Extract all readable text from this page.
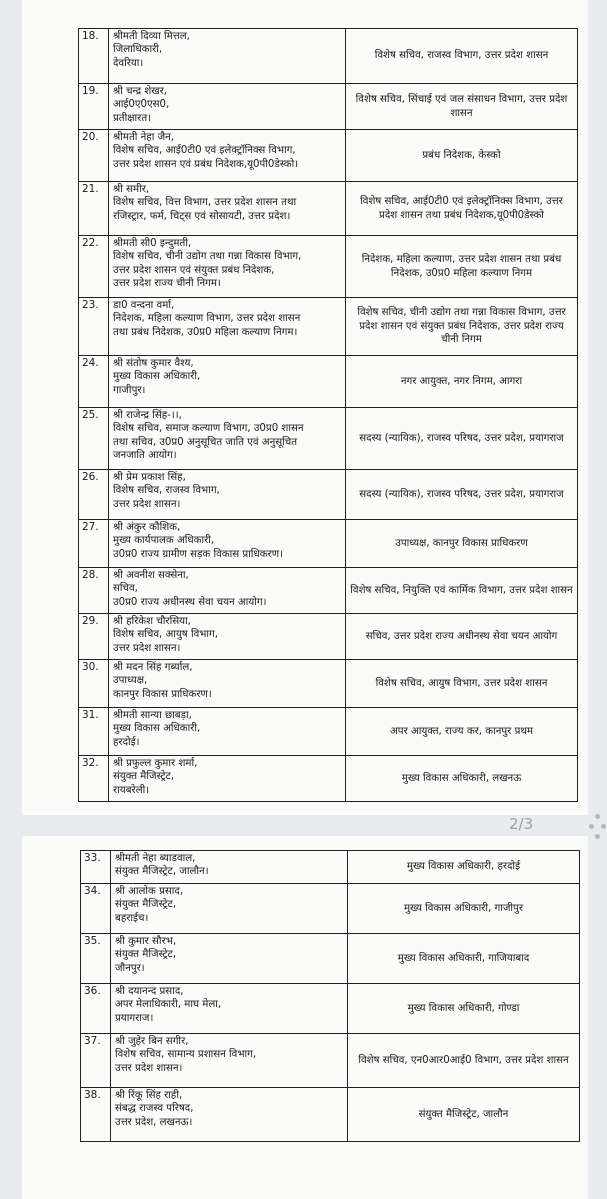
18.	श्रीमती दिव्या मित्तल,
जिलाधिकारी,
देवरिया।	विशेष सचिव, राजस्व विभाग, उत्तर प्रदेश शासन
19.	श्री चन्द्र शेखर,
आई0ए0एस0,
प्रतीक्षारत।	विशेष सचिव, सिंचाई एवं जल संसाधन विभाग, उत्तर प्रदेश शासन
20.	श्रीमती नेहा जैन,
विशेष सचिव, आई0टी0 एवं इलेक्ट्रॉनिक्स विभाग,
उत्तर प्रदेश शासन एवं प्रबंध निदेशक,यू0पी0डेस्को।	प्रबंध निदेशक, केस्को
21.	श्री समीर,
विशेष सचिव, वित्त विभाग, उत्तर प्रदेश शासन तथा
रजिस्ट्रार, फर्म, चिट्स एवं सोसायटी, उत्तर प्रदेश।	विशेष सचिव, आई0टी0 एवं इलेक्ट्रॉनिक्स विभाग, उत्तर प्रदेश शासन तथा प्रबंध निदेशक,यू0पी0डेस्को
22.	श्रीमती सी0 इन्दुमती,
विशेष सचिव, चीनी उद्योग तथा गन्ना विकास विभाग,
उत्तर प्रदेश शासन एवं संयुक्त प्रबंध निदेशक,
उत्तर प्रदेश राज्य चीनी निगम।	निदेशक, महिला कल्याण, उत्तर प्रदेश शासन तथा प्रबंध निदेशक, उ0प्र0 महिला कल्याण निगम
23.	डा0 वन्दना वर्मा,
निदेशक, महिला कल्याण विभाग, उत्तर प्रदेश शासन
तथा प्रबंध निदेशक, उ0प्र0 महिला कल्याण निगम।	विशेष सचिव, चीनी उद्योग तथा गन्ना विकास विभाग, उत्तर प्रदेश शासन एवं संयुक्त प्रबंध निदेशक, उत्तर प्रदेश राज्य चीनी निगम
24.	श्री संतोष कुमार वैश्य,
मुख्य विकास अधिकारी,
गाजीपुर।	नगर आयुक्त, नगर निगम, आगरा
25.	श्री राजेन्द्र सिंह-।।,
विशेष सचिव, समाज कल्याण विभाग, उ0प्र0 शासन
तथा सचिव, उ0प्र0 अनुसूचित जाति एवं अनुसूचित
जनजाति आयोग।	सदस्य (न्यायिक), राजस्व परिषद, उत्तर प्रदेश, प्रयागराज
26.	श्री प्रेम प्रकाश सिंह,
विशेष सचिव, राजस्व विभाग,
उत्तर प्रदेश शासन।	सदस्य (न्यायिक), राजस्व परिषद, उत्तर प्रदेश, प्रयागराज
27.	श्री अंकुर कौशिक,
मुख्य कार्यपालक अधिकारी,
उ0प्र0 राज्य ग्रामीण सड़क विकास प्राधिकरण।	उपाध्यक्ष, कानपुर विकास प्राधिकरण
28.	श्री अवनीश सक्सेना,
सचिव,
उ0प्र0 राज्य अधीनस्थ सेवा चयन आयोग।	विशेष सचिव, नियुक्ति एवं कार्मिक विभाग, उत्तर प्रदेश शासन
29.	श्री हरिकेश चौरसिया,
विशेष सचिव, आयुष विभाग,
उत्तर प्रदेश शासन।	सचिव, उत्तर प्रदेश राज्य अधीनस्थ सेवा चयन आयोग
30.	श्री मदन सिंह गर्ब्याल,
उपाध्यक्ष,
कानपुर विकास प्राधिकरण।	विशेष सचिव, आयुष विभाग, उत्तर प्रदेश शासन
31.	श्रीमती सान्या छाबड़ा,
मुख्य विकास अधिकारी,
हरदोई।	अपर आयुक्त, राज्य कर, कानपुर प्रथम
32.	श्री प्रफुल्ल कुमार शर्मा,
संयुक्त मैजिस्ट्रेट,
रायबरेली।	मुख्य विकास अधिकारी, लखनऊ
2/3
33.	श्रीमती नेहा ब्याडवाल,
संयुक्त मैजिस्ट्रेट, जालौन।	मुख्य विकास अधिकारी, हरदोई
34.	श्री आलोक प्रसाद,
संयुक्त मैजिस्ट्रेट,
बहराईच।	मुख्य विकास अधिकारी, गाजीपुर
35.	श्री कुमार सौरभ,
संयुक्त मैजिस्ट्रेट,
जौनपुर।	मुख्य विकास अधिकारी, गाजियाबाद
36.	श्री दयानन्द प्रसाद,
अपर मेलाधिकारी, माघ मेला,
प्रयागराज।	मुख्य विकास अधिकारी, गोण्डा
37.	श्री जुहेर बिन सगीर,
विशेष सचिव, सामान्य प्रशासन विभाग,
उत्तर प्रदेश शासन।	विशेष सचिव, एन0आर0आई0 विभाग, उत्तर प्रदेश शासन
38.	श्री रिंकू सिंह राही,
संबद्ध राजस्व परिषद,
उत्तर प्रदेश, लखनऊ।	संयुक्त मैजिस्ट्रेट, जालौन
